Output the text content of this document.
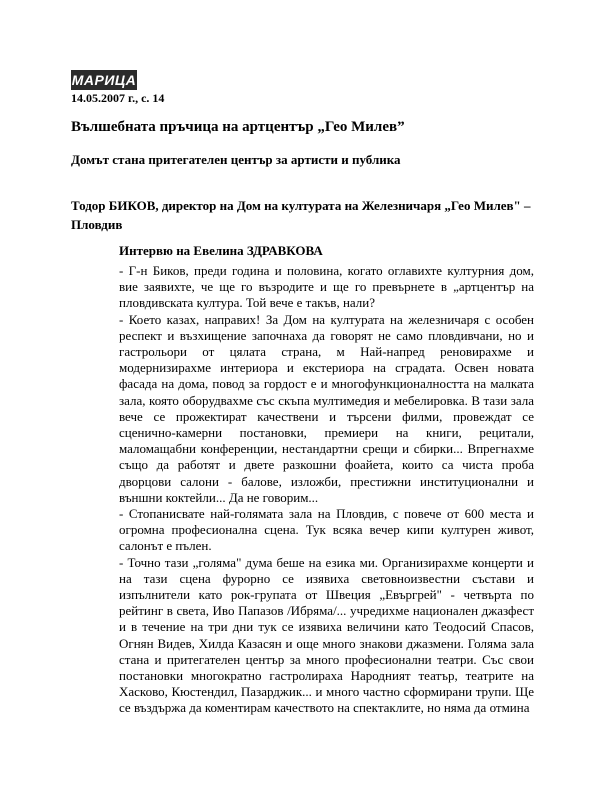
МАРИЦА
14.05.2007 г., с. 14
Вълшебната пръчица на артцентър „Гео Милев”
Домът стана притегателен център за артисти и публика
Тодор БИКОВ, директор на Дом на културата на Железничаря „Гео Милев" – Пловдив
Интервю на Евелина ЗДРАВКОВА

- Г-н Биков, преди година и половина, когато оглавихте културния дом, вие заявихте, че ще го възродите и ще го превърнете в „артцентър на пловдивската култура. Той вече е такъв, нали?

- Което казах, направих! За Дом на културата на железничаря с особен респект и възхищение започнаха да говорят не само пловдивчани, но и гастрольори от цялата страна, м Най-напред реновирахме и модернизирахме интериора и екстериора на сградата. Освен новата фасада на дома, повод за гордост е и многофункционалността на малката зала, която оборудвахме със скъпа мултимедия и мебелировка. В тази зала вече се прожектират качествени и търсени филми, провеждат се сценично-камерни постановки, премиери на книги, рецитали, маломащабни конференции, нестандартни срещи и сбирки... Впрегнахме също да работят и двете разкошни фоайета, които са чиста проба дворцови салони - балове, изложби, престижни институционални и външни коктейли... Да не говорим...

- Стопанисвате най-голямата зала на Пловдив, с повече от 600 места и огромна професионална сцена. Тук всяка вечер кипи културен живот, салонът е пълен.

- Точно тази „голяма" дума беше на езика ми. Организирахме концерти и на тази сцена фурорно се изявиха световноизвестни състави и изпълнители като рок-групата от Швеция „Евъргрей" - четвърта по рейтинг в света, Иво Папазов /Ибряма/... учредихме национален джазфест и в течение на три дни тук се изявиха величини като Теодосий Спасов, Огнян Видев, Хилда Казасян и още много знакови джазмени. Голяма зала стана и притегателен център за много професионални театри. Със свои постановки многократно гастролираха Народният театър, театрите на Хасково, Кюстендил, Пазарджик... и много частно сформирани трупи. Ще се въздържа да коментирам качеството на спектаклите, но няма да отмина
